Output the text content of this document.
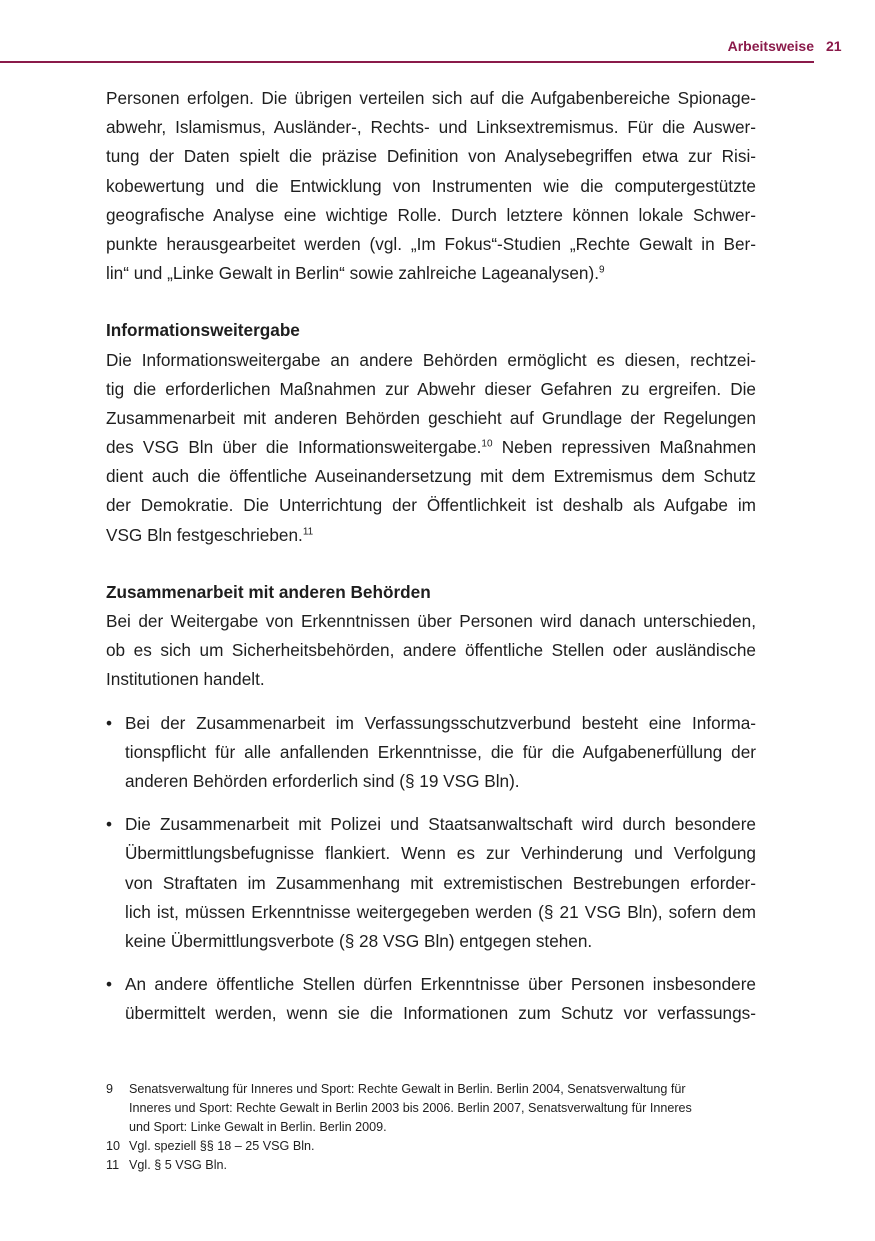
Arbeitsweise 21
Personen erfolgen. Die übrigen verteilen sich auf die Aufgabenbereiche Spionage-
abwehr, Islamismus, Ausländer-, Rechts- und Linksextremismus. Für die Auswer-
tung der Daten spielt die präzise Definition von Analysebegriffen etwa zur Risi-
kobewertung und die Entwicklung von Instrumenten wie die computergestützte
geografische Analyse eine wichtige Rolle. Durch letztere können lokale Schwer-
punkte herausgearbeitet werden (vgl. „Im Fokus“-Studien „Rechte Gewalt in Ber-
lin“ und „Linke Gewalt in Berlin“ sowie zahlreiche Lageanalysen).$^9$
Informationsweitergabe
Die Informationsweitergabe an andere Behörden ermöglicht es diesen, rechtzei-
tig die erforderlichen Maßnahmen zur Abwehr dieser Gefahren zu ergreifen. Die
Zusammenarbeit mit anderen Behörden geschieht auf Grundlage der Regelungen
des VSG Bln über die Informationsweitergabe.$^{10}$ Neben repressiven Maßnahmen
dient auch die öffentliche Auseinandersetzung mit dem Extremismus dem Schutz
der Demokratie. Die Unterrichtung der Öffentlichkeit ist deshalb als Aufgabe im
VSG Bln festgeschrieben.$^{11}$
Zusammenarbeit mit anderen Behörden
Bei der Weitergabe von Erkenntnissen über Personen wird danach unterschieden,
ob es sich um Sicherheitsbehörden, andere öffentliche Stellen oder ausländische
Institutionen handelt.
• Bei der Zusammenarbeit im Verfassungsschutzverbund besteht eine Informa-
tionspflicht für alle anfallenden Erkenntnisse, die für die Aufgabenerfüllung der
anderen Behörden erforderlich sind (§ 19 VSG Bln).
• Die Zusammenarbeit mit Polizei und Staatsanwaltschaft wird durch besondere
Übermittlungsbefugnisse flankiert. Wenn es zur Verhinderung und Verfolgung
von Straftaten im Zusammenhang mit extremistischen Bestrebungen erforder-
lich ist, müssen Erkenntnisse weitergegeben werden (§ 21 VSG Bln), sofern dem
keine Übermittlungsverbote (§ 28 VSG Bln) entgegen stehen.
• An andere öffentliche Stellen dürfen Erkenntnisse über Personen insbesondere
übermittelt werden, wenn sie die Informationen zum Schutz vor verfassungs-
9 Senatsverwaltung für Inneres und Sport: Rechte Gewalt in Berlin. Berlin 2004, Senatsverwaltung für
Inneres und Sport: Rechte Gewalt in Berlin 2003 bis 2006. Berlin 2007, Senatsverwaltung für Inneres
und Sport: Linke Gewalt in Berlin. Berlin 2009.
10 Vgl. speziell §§ 18 – 25 VSG Bln.
11 Vgl. § 5 VSG Bln.
